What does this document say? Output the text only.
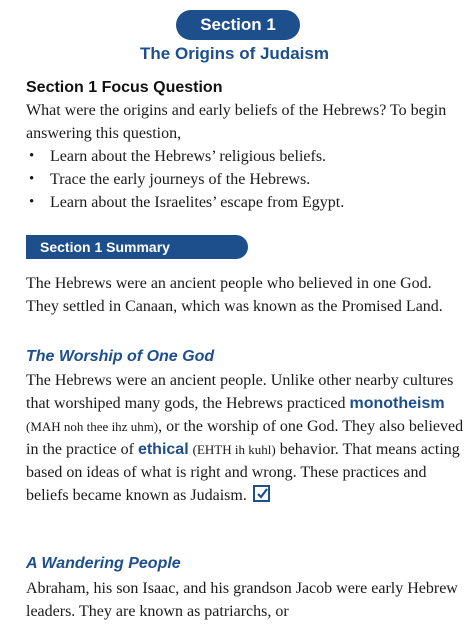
Section 1
The Origins of Judaism
Section 1 Focus Question
What were the origins and early beliefs of the Hebrews? To begin answering this question,
• Learn about the Hebrews’ religious beliefs.
• Trace the early journeys of the Hebrews.
• Learn about the Israelites’ escape from Egypt.
Section 1 Summary
The Hebrews were an ancient people who believed in one God. They settled in Canaan, which was known as the Promised Land.
The Worship of One God
The Hebrews were an ancient people. Unlike other nearby cultures that worshiped many gods, the Hebrews practiced monotheism (MAH noh thee ihz uhm), or the worship of one God. They also believed in the practice of ethical (EHTH ih kuhl) behavior. That means acting based on ideas of what is right and wrong. These practices and beliefs became known as Judaism.
A Wandering People
Abraham, his son Isaac, and his grandson Jacob were early Hebrew leaders. They are known as patriarchs, or
